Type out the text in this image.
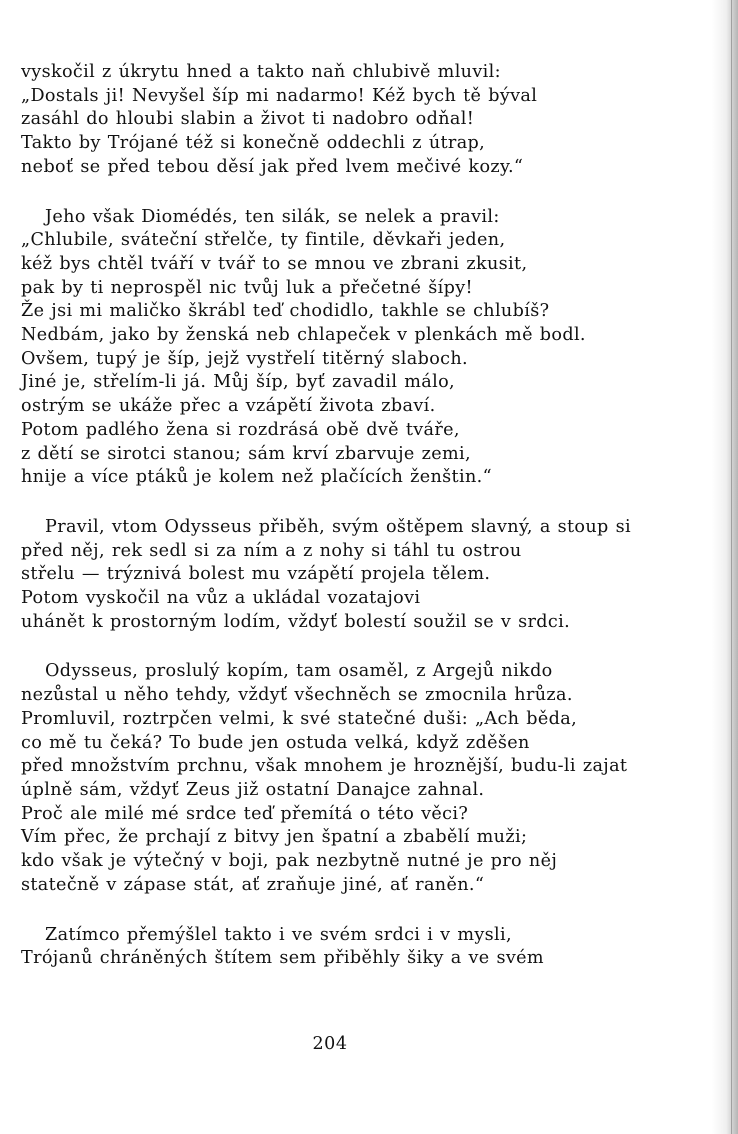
vyskočil z úkrytu hned a takto naň chlubivě mluvil:
„Dostals ji! Nevyšel šíp mi nadarmo! Kéž bych tě býval
zasáhl do hloubi slabin a život ti nadobro odňal!
Takto by Trójané též si konečně oddechli z útrap,
neboť se před tebou děsí jak před lvem mečivé kozy.“

Jeho však Diomédés, ten silák, se nelek a pravil:
„Chlubile, sváteční střelče, ty fintile, děvkaři jeden,
kéž bys chtěl tváří v tvář to se mnou ve zbrani zkusit,
pak by ti neprospěl nic tvůj luk a přečetné šípy!
Že jsi mi maličko škrábl teď chodidlo, takhle se chlubíš?
Nedbám, jako by ženská neb chlapeček v plenkách mě bodl.
Ovšem, tupý je šíp, jejž vystřelí titěrný slaboch.
Jiné je, střelím-li já. Můj šíp, byť zavadil málo,
ostrým se ukáže přec a vzápětí života zbaví.
Potom padlého žena si rozdrásá obě dvě tváře,
z dětí se sirotci stanou; sám krví zbarvuje zemi,
hnije a více ptáků je kolem než plačících ženštin.“

Pravil, vtom Odysseus přiběh, svým oštěpem slavný, a stoup si
před něj, rek sedl si za ním a z nohy si táhl tu ostrou
střelu — trýznivá bolest mu vzápětí projela tělem.
Potom vyskočil na vůz a ukládal vozatajovi
uhánět k prostorným lodím, vždyť bolestí soužil se v srdci.

Odysseus, proslulý kopím, tam osaměl, z Argejů nikdo
nezůstal u něho tehdy, vždyť všechněch se zmocnila hrůza.
Promluvil, roztrpčen velmi, k své statečné duši: „Ach běda,
co mě tu čeká? To bude jen ostuda velká, když zděšen
před množstvím prchnu, však mnohem je hroznější, budu-li zajat
úplně sám, vždyť Zeus již ostatní Danajce zahnal.
Proč ale milé mé srdce teď přemítá o této věci?
Vím přec, že prchají z bitvy jen špatní a zbabělí muži;
kdo však je výtečný v boji, pak nezbytně nutné je pro něj
statečně v zápase stát, ať zraňuje jiné, ať raněn.“

Zatímco přemýšlel takto i ve svém srdci i v mysli,
Trójanů chráněných štítem sem přiběhly šiky a ve svém

204
